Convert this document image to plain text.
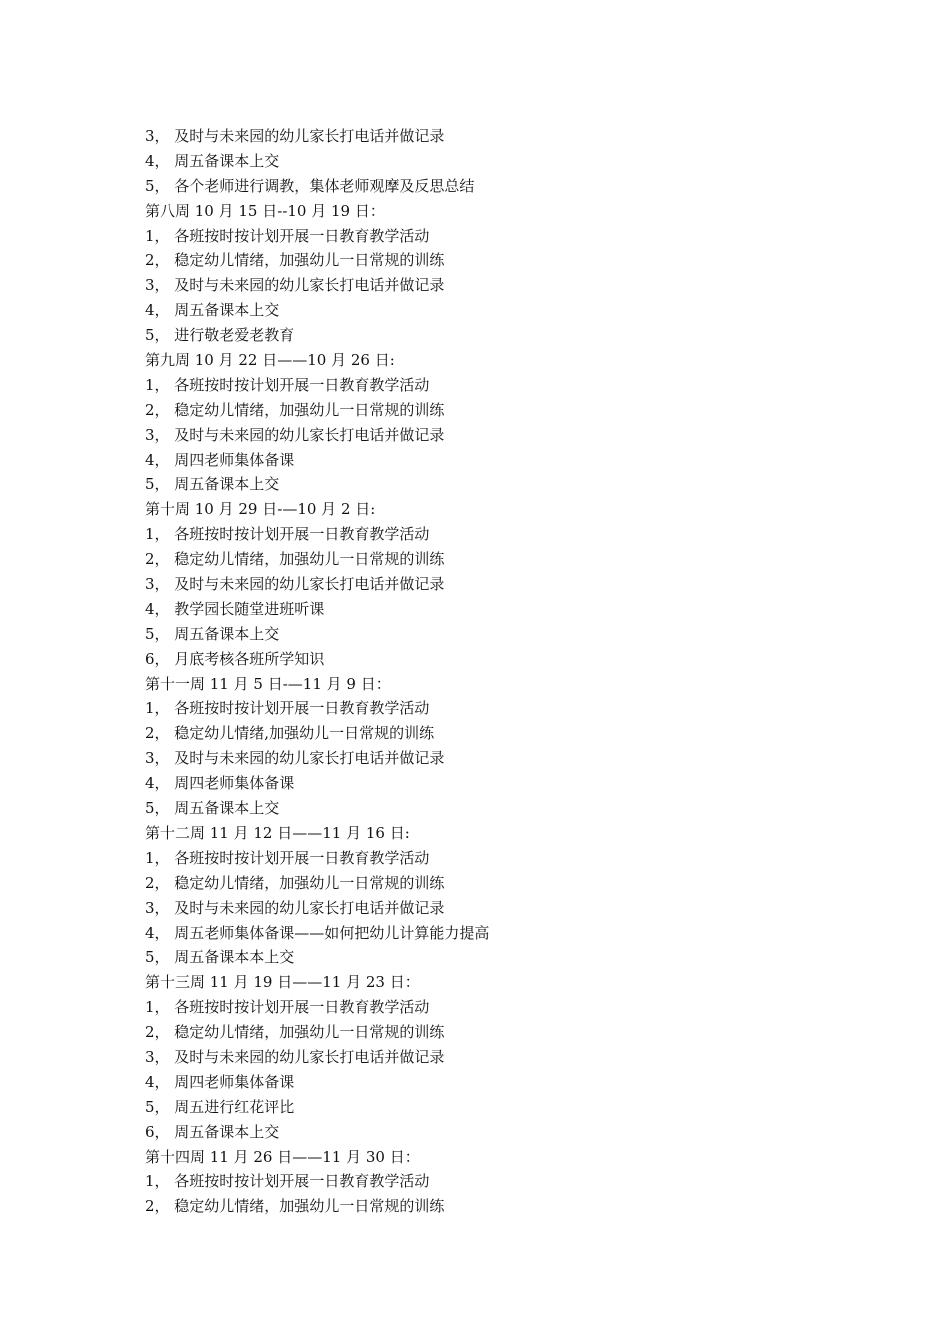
3， 及时与未来园的幼儿家长打电话并做记录
4， 周五备课本上交
5， 各个老师进行调教，集体老师观摩及反思总结
第八周 10 月 15 日--10 月 19 日：
1， 各班按时按计划开展一日教育教学活动
2， 稳定幼儿情绪，加强幼儿一日常规的训练
3， 及时与未来园的幼儿家长打电话并做记录
4， 周五备课本上交
5， 进行敬老爱老教育
第九周 10 月 22 日——10 月 26 日:
1， 各班按时按计划开展一日教育教学活动
2， 稳定幼儿情绪，加强幼儿一日常规的训练
3， 及时与未来园的幼儿家长打电话并做记录
4， 周四老师集体备课
5， 周五备课本上交
第十周 10 月 29 日-—10 月 2 日:
1， 各班按时按计划开展一日教育教学活动
2， 稳定幼儿情绪，加强幼儿一日常规的训练
3， 及时与未来园的幼儿家长打电话并做记录
4， 教学园长随堂进班听课
5， 周五备课本上交
6， 月底考核各班所学知识
第十一周 11 月 5 日-—11 月 9 日：
1， 各班按时按计划开展一日教育教学活动
2， 稳定幼儿情绪,加强幼儿一日常规的训练
3， 及时与未来园的幼儿家长打电话并做记录
4， 周四老师集体备课
5， 周五备课本上交
第十二周 11 月 12 日——11 月 16 日:
1， 各班按时按计划开展一日教育教学活动
2， 稳定幼儿情绪，加强幼儿一日常规的训练
3， 及时与未来园的幼儿家长打电话并做记录
4， 周五老师集体备课——如何把幼儿计算能力提高
5， 周五备课本本上交
第十三周 11 月 19 日——11 月 23 日：
1， 各班按时按计划开展一日教育教学活动
2， 稳定幼儿情绪，加强幼儿一日常规的训练
3， 及时与未来园的幼儿家长打电话并做记录
4， 周四老师集体备课
5， 周五进行红花评比
6， 周五备课本上交
第十四周 11 月 26 日——11 月 30 日：
1， 各班按时按计划开展一日教育教学活动
2， 稳定幼儿情绪，加强幼儿一日常规的训练
